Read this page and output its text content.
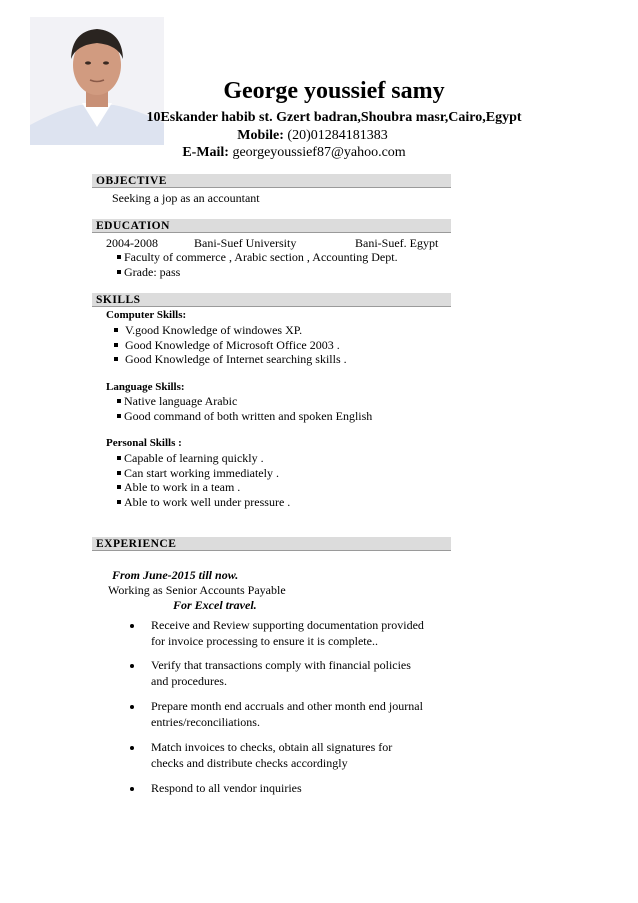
George youssief samy
10Eskander habib st. Gzert badran,Shoubra masr,Cairo,Egypt
Mobile: (20)01284181383
E-Mail: georgeyoussief87@yahoo.com
OBJECTIVE
Seeking a jop as an accountant
EDUCATION
2004-2008	Bani-Suef University	Bani-Suef. Egypt
Faculty of commerce , Arabic section , Accounting Dept.
Grade: pass
SKILLS
Computer Skills:
V.good Knowledge of windowes XP.
Good Knowledge of Microsoft Office 2003 .
Good Knowledge of Internet searching skills .
Language Skills:
Native language Arabic
Good command of both written and spoken English
Personal Skills :
Capable of learning quickly .
Can start working immediately .
Able to work in a team .
Able to work well under pressure .
EXPERIENCE
From June-2015 till now.
Working as Senior Accounts Payable
For Excel travel.
Receive and Review supporting documentation provided
for invoice processing to ensure it is complete..
Verify that transactions comply with financial policies
and procedures.
Prepare month end accruals and other month end journal
entries/reconciliations.
Match invoices to checks, obtain all signatures for
checks and distribute checks accordingly
Respond to all vendor inquiries
